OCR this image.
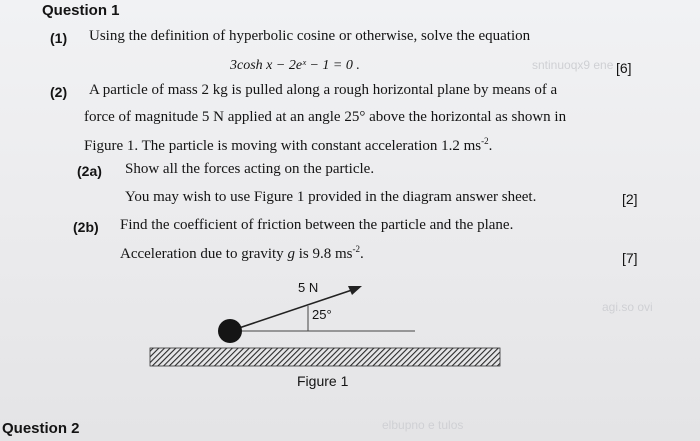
Question 1
(1) Using the definition of hyperbolic cosine or otherwise, solve the equation
3cosh x − 2eˣ − 1 = 0 .	[6]
(2) A particle of mass 2 kg is pulled along a rough horizontal plane by means of a
force of magnitude 5 N applied at an angle 25° above the horizontal as shown in
Figure 1. The particle is moving with constant acceleration 1.2 $ms^{-2}$.
(2a) Show all the forces acting on the particle.
You may wish to use Figure 1 provided in the diagram answer sheet.	[2]
(2b) Find the coefficient of friction between the particle and the plane.
Acceleration due to gravity g is 9.8 $ms^{-2}$.	[7]
5 N
25°
Figure 1
Question 2
sntinuoqx9 ene
agi.so ovi
elbupno e tulos
